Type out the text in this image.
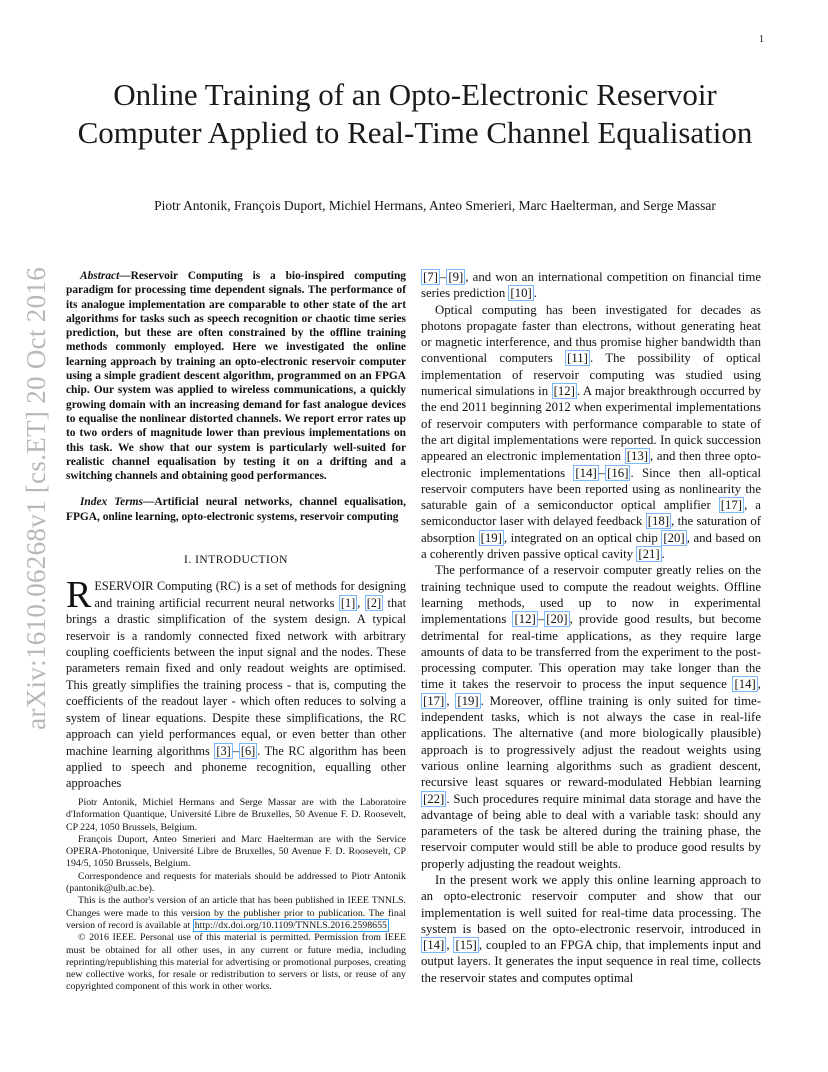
1
arXiv:1610.06268v1 [cs.ET] 20 Oct 2016
Online Training of an Opto-Electronic Reservoir Computer Applied to Real-Time Channel Equalisation
Piotr Antonik, François Duport, Michiel Hermans, Anteo Smerieri, Marc Haelterman, and Serge Massar

Abstract—Reservoir Computing is a bio-inspired computing paradigm for processing time dependent signals. The performance of its analogue implementation are comparable to other state of the art algorithms for tasks such as speech recognition or chaotic time series prediction, but these are often constrained by the offline training methods commonly employed. Here we investigated the online learning approach by training an opto-electronic reservoir computer using a simple gradient descent algorithm, programmed on an FPGA chip. Our system was applied to wireless communications, a quickly growing domain with an increasing demand for fast analogue devices to equalise the nonlinear distorted channels. We report error rates up to two orders of magnitude lower than previous implementations on this task. We show that our system is particularly well-suited for realistic channel equalisation by testing it on a drifting and a switching channels and obtaining good performances.

Index Terms—Artificial neural networks, channel equalisation, FPGA, online learning, opto-electronic systems, reservoir computing

I. INTRODUCTION

RESERVOIR Computing (RC) is a set of methods for designing and training artificial recurrent neural networks [1] , [2] that brings a drastic simplification of the system design. A typical reservoir is a randomly connected fixed network with arbitrary coupling coefficients between the input signal and the nodes. These parameters remain fixed and only readout weights are optimised. This greatly simplifies the training process - that is, computing the coefficients of the readout layer - which often reduces to solving a system of linear equations. Despite these simplifications, the RC approach can yield performances equal, or even better than other machine learning algorithms [3] – [6] . The RC algorithm has been applied to speech and phoneme recognition, equalling other approaches

Piotr Antonik, Michiel Hermans and Serge Massar are with the Laboratoire d'Information Quantique, Université Libre de Bruxelles, 50 Avenue F. D. Roosevelt, CP 224, 1050 Brussels, Belgium.

François Duport, Anteo Smerieri and Marc Haelterman are with the Service OPERA-Photonique, Université Libre de Bruxelles, 50 Avenue F. D. Roosevelt, CP 194/5, 1050 Brussels, Belgium.

Correspondence and requests for materials should be addressed to Piotr Antonik (pantonik@ulb.ac.be).

This is the author's version of an article that has been published in IEEE TNNLS. Changes were made to this version by the publisher prior to publication. The final version of record is available at http://dx.doi.org/10.1109/TNNLS.2016.2598655

© 2016 IEEE. Personal use of this material is permitted. Permission from IEEE must be obtained for all other uses, in any current or future media, including reprinting/republishing this material for advertising or promotional purposes, creating new collective works, for resale or redistribution to servers or lists, or reuse of any copyrighted component of this work in other works.

[7] – [9] , and won an international competition on financial time series prediction [10] .

Optical computing has been investigated for decades as photons propagate faster than electrons, without generating heat or magnetic interference, and thus promise higher bandwidth than conventional computers [11] . The possibility of optical implementation of reservoir computing was studied using numerical simulations in [12] . A major breakthrough occurred by the end 2011 beginning 2012 when experimental implementations of reservoir computers with performance comparable to state of the art digital implementations were reported. In quick succession appeared an electronic implementation [13] , and then three opto-electronic implementations [14] – [16] . Since then all-optical reservoir computers have been reported using as nonlinearity the saturable gain of a semiconductor optical amplifier [17] , a semiconductor laser with delayed feedback [18] , the saturation of absorption [19] , integrated on an optical chip [20] , and based on a coherently driven passive optical cavity [21] .

The performance of a reservoir computer greatly relies on the training technique used to compute the readout weights. Offline learning methods, used up to now in experimental implementations [12] – [20] , provide good results, but become detrimental for real-time applications, as they require large amounts of data to be transferred from the experiment to the post-processing computer. This operation may take longer than the time it takes the reservoir to process the input sequence [14] , [17] , [19] . Moreover, offline training is only suited for time-independent tasks, which is not always the case in real-life applications. The alternative (and more biologically plausible) approach is to progressively adjust the readout weights using various online learning algorithms such as gradient descent, recursive least squares or reward-modulated Hebbian learning [22] . Such procedures require minimal data storage and have the advantage of being able to deal with a variable task: should any parameters of the task be altered during the training phase, the reservoir computer would still be able to produce good results by properly adjusting the readout weights.

In the present work we apply this online learning approach to an opto-electronic reservoir computer and show that our implementation is well suited for real-time data processing. The system is based on the opto-electronic reservoir, introduced in [14] , [15] , coupled to an FPGA chip, that implements input and output layers. It generates the input sequence in real time, collects the reservoir states and computes optimal
